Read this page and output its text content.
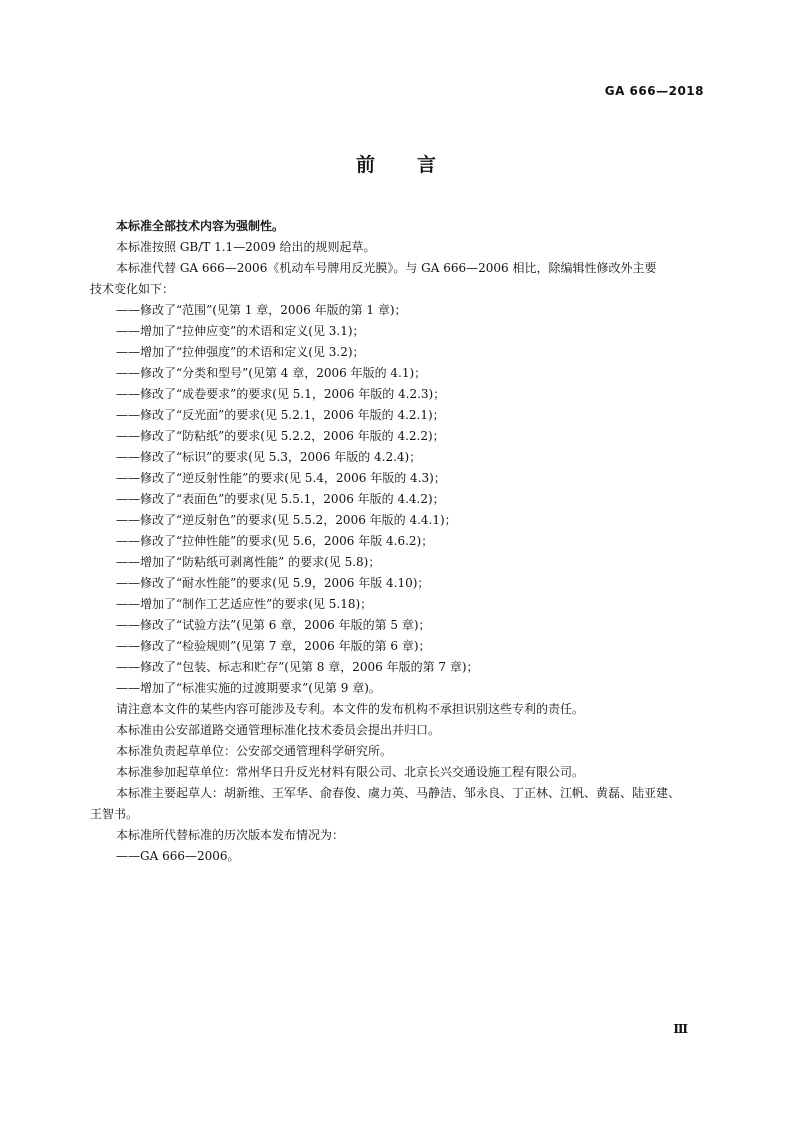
GA 666—2018
前 言
本标准全部技术内容为强制性。
本标准按照 GB/T 1.1—2009 给出的规则起草。
本标准代替 GA 666—2006《机动车号牌用反光膜》。与 GA 666—2006 相比，除编辑性修改外主要
技术变化如下：
——修改了“范围”(见第 1 章，2006 年版的第 1 章)；
——增加了“拉伸应变”的术语和定义(见 3.1)；
——增加了“拉伸强度”的术语和定义(见 3.2)；
——修改了“分类和型号”(见第 4 章，2006 年版的 4.1)；
——修改了“成卷要求”的要求(见 5.1，2006 年版的 4.2.3)；
——修改了“反光面”的要求(见 5.2.1，2006 年版的 4.2.1)；
——修改了“防粘纸”的要求(见 5.2.2，2006 年版的 4.2.2)；
——修改了“标识”的要求(见 5.3，2006 年版的 4.2.4)；
——修改了“逆反射性能”的要求(见 5.4，2006 年版的 4.3)；
——修改了“表面色”的要求(见 5.5.1，2006 年版的 4.4.2)；
——修改了“逆反射色”的要求(见 5.5.2，2006 年版的 4.4.1)；
——修改了“拉伸性能”的要求(见 5.6，2006 年版 4.6.2)；
——增加了“防粘纸可剥离性能” 的要求(见 5.8)；
——修改了“耐水性能”的要求(见 5.9，2006 年版 4.10)；
——增加了“制作工艺适应性”的要求(见 5.18)；
——修改了“试验方法”(见第 6 章，2006 年版的第 5 章)；
——修改了“检验规则”(见第 7 章，2006 年版的第 6 章)；
——修改了“包装、标志和贮存”(见第 8 章，2006 年版的第 7 章)；
——增加了“标准实施的过渡期要求”(见第 9 章)。
请注意本文件的某些内容可能涉及专利。本文件的发布机构不承担识别这些专利的责任。
本标准由公安部道路交通管理标准化技术委员会提出并归口。
本标准负责起草单位：公安部交通管理科学研究所。
本标准参加起草单位：常州华日升反光材料有限公司、北京长兴交通设施工程有限公司。
本标准主要起草人：胡新维、王军华、俞春俊、虞力英、马静洁、邹永良、丁正林、江帆、黄磊、陆亚建、
王智书。
本标准所代替标准的历次版本发布情况为：
——GA 666—2006。
Ⅲ
